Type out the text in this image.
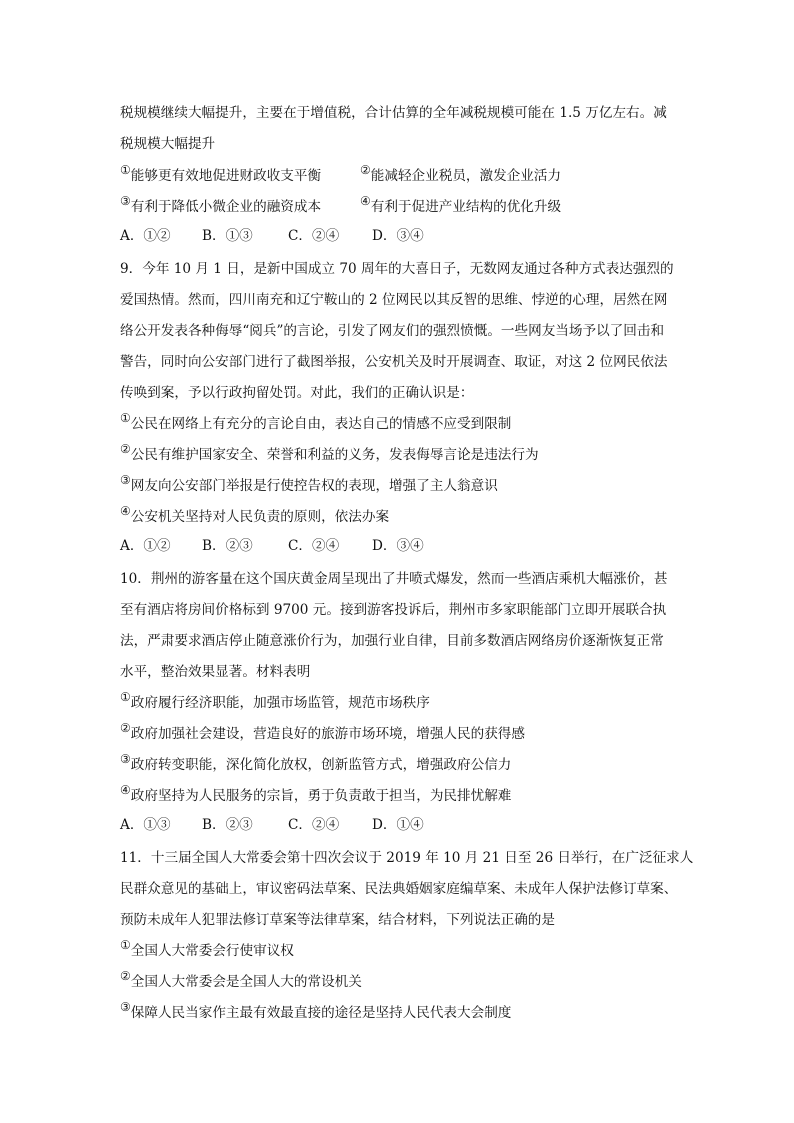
税规模继续大幅提升，主要在于增值税，合计估算的全年减税规模可能在 1.5 万亿左右。减
税规模大幅提升
①能够更有效地促进财政收支平衡	②能减轻企业税员，激发企业活力
③有利于降低小微企业的融资成本	④有利于促进产业结构的优化升级
A．①② B．①③	C．②④ D．③④
9．今年 10 月 1 日，是新中国成立 70 周年的大喜日子，无数网友通过各种方式表达强烈的
爱国热情。然而，四川南充和辽宁鞍山的 2 位网民以其反智的思维、悖逆的心理，居然在网
络公开发表各种侮辱“阅兵”的言论，引发了网友们的强烈愤慨。一些网友当场予以了回击和
警告，同时向公安部门进行了截图举报，公安机关及时开展调查、取证，对这 2 位网民依法
传唤到案，予以行政拘留处罚。对此，我们的正确认识是：
①公民在网络上有充分的言论自由，表达自己的情感不应受到限制
②公民有维护国家安全、荣誉和利益的义务，发表侮辱言论是违法行为
③网友向公安部门举报是行使控告权的表现，增强了主人翁意识
④公安机关坚持对人民负责的原则，依法办案
A．①② B．②③	C．②④ D．③④
10．荆州的游客量在这个国庆黄金周呈现出了井喷式爆发，然而一些酒店乘机大幅涨价，甚
至有酒店将房间价格标到 9700 元。接到游客投诉后，荆州市多家职能部门立即开展联合执
法，严肃要求酒店停止随意涨价行为，加强行业自律，目前多数酒店网络房价逐渐恢复正常
水平，整治效果显著。材料表明
①政府履行经济职能，加强市场监管，规范市场秩序
②政府加强社会建设，营造良好的旅游市场环境，增强人民的获得感
③政府转变职能，深化简化放权，创新监管方式，增强政府公信力
④政府坚持为人民服务的宗旨，勇于负责敢于担当，为民排忧解难
A．①③ B．②③	C．②④ D．①④
11．十三届全国人大常委会第十四次会议于 2019 年 10 月 21 日至 26 日举行，在广泛征求人
民群众意见的基础上，审议密码法草案、民法典婚姻家庭编草案、未成年人保护法修订草案、
预防未成年人犯罪法修订草案等法律草案，结合材料，下列说法正确的是
①全国人大常委会行使审议权
②全国人大常委会是全国人大的常设机关
③保障人民当家作主最有效最直接的途径是坚持人民代表大会制度
